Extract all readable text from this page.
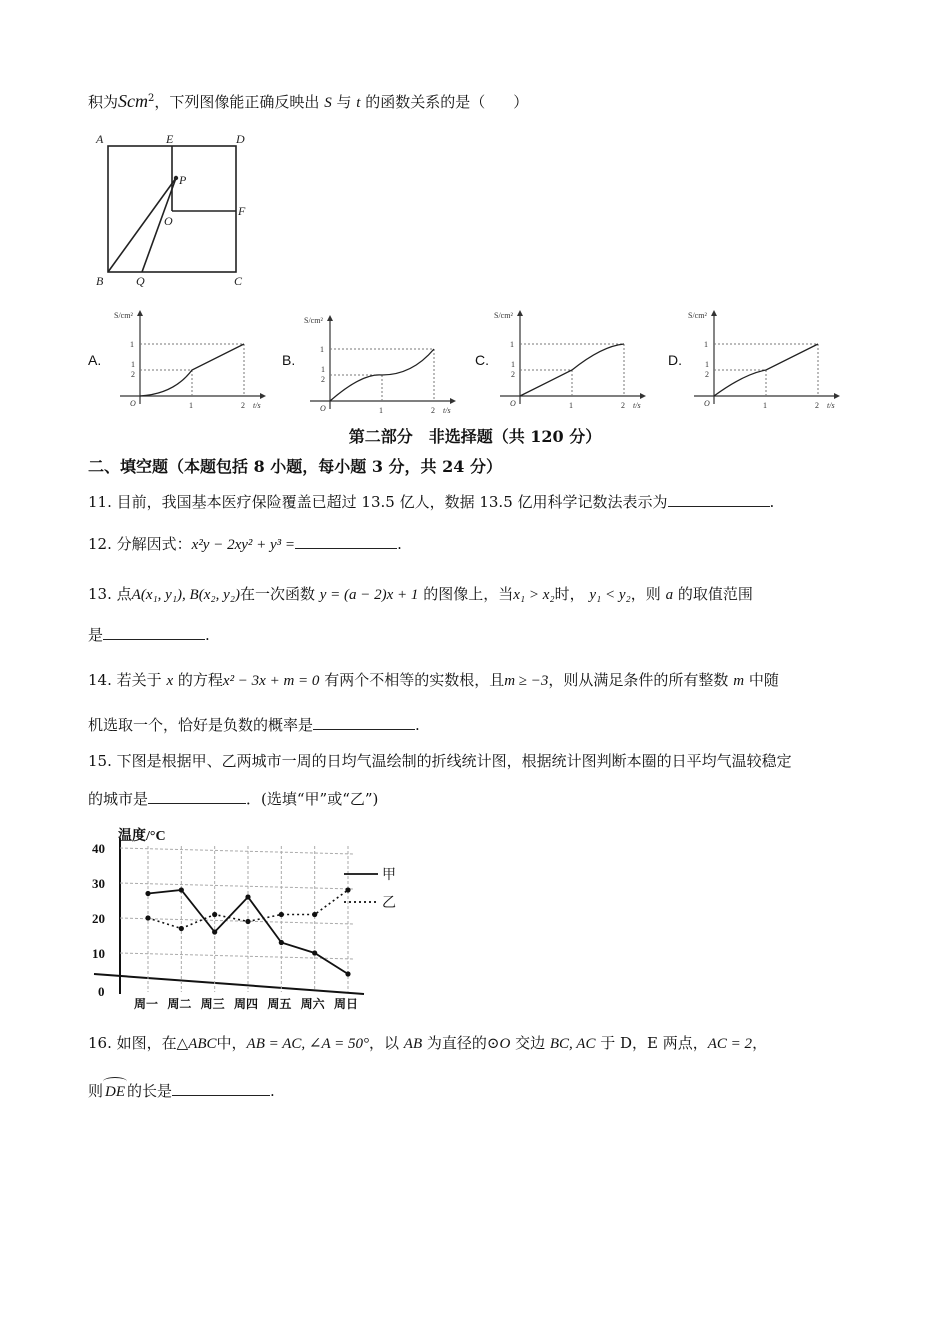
积为Scm$^2$，下列图像能正确反映出 S 与 t 的函数关系的是（ ）
A	E	D
P
O
F
B	Q	C
A.	B.	C.	D.
S/cm²
1
1
2
O	1	2 t/s
S/cm²
1
1
2
O	1	2 t/s
S/cm²
1
1
2
O	1	2 t/s
S/cm²
1
1
2
O	1	2 t/s
第二部分　非选择题（共 120 分）
二、填空题（本题包括 8 小题，每小题 3 分，共 24 分）
11. 目前，我国基本医疗保险覆盖已超过 13.5 亿人，数据 13.5 亿用科学记数法表示为	.
12. 分解因式：x²y − 2xy² + y³ =	.
13. 点A(x₁, y₁), B(x₂, y₂)在一次函数 y = (a − 2)x + 1 的图像上，当x₁ > x₂时， y₁ < y₂，则 a 的取值范围
是	.
14. 若关于 x 的方程x² − 3x + m = 0 有两个不相等的实数根，且m ≥ −3，则从满足条件的所有整数 m 中随
机选取一个，恰好是负数的概率是	.
15. 下图是根据甲、乙两城市一周的日均气温绘制的折线统计图，根据统计图判断本圈的日平均气温较稳定
的城市是	．(选填“甲”或“乙”)
温度/°C
0
10
20
30
40
周一 周二 周三 周四 周五 周六 周日
甲
乙
16. 如图，在△ABC中，AB = AC, ∠A = 50°，以 AB 为直径的⊙O 交边 BC, AC 于 D，E 两点，AC = 2，
则 DE 的长是	.
